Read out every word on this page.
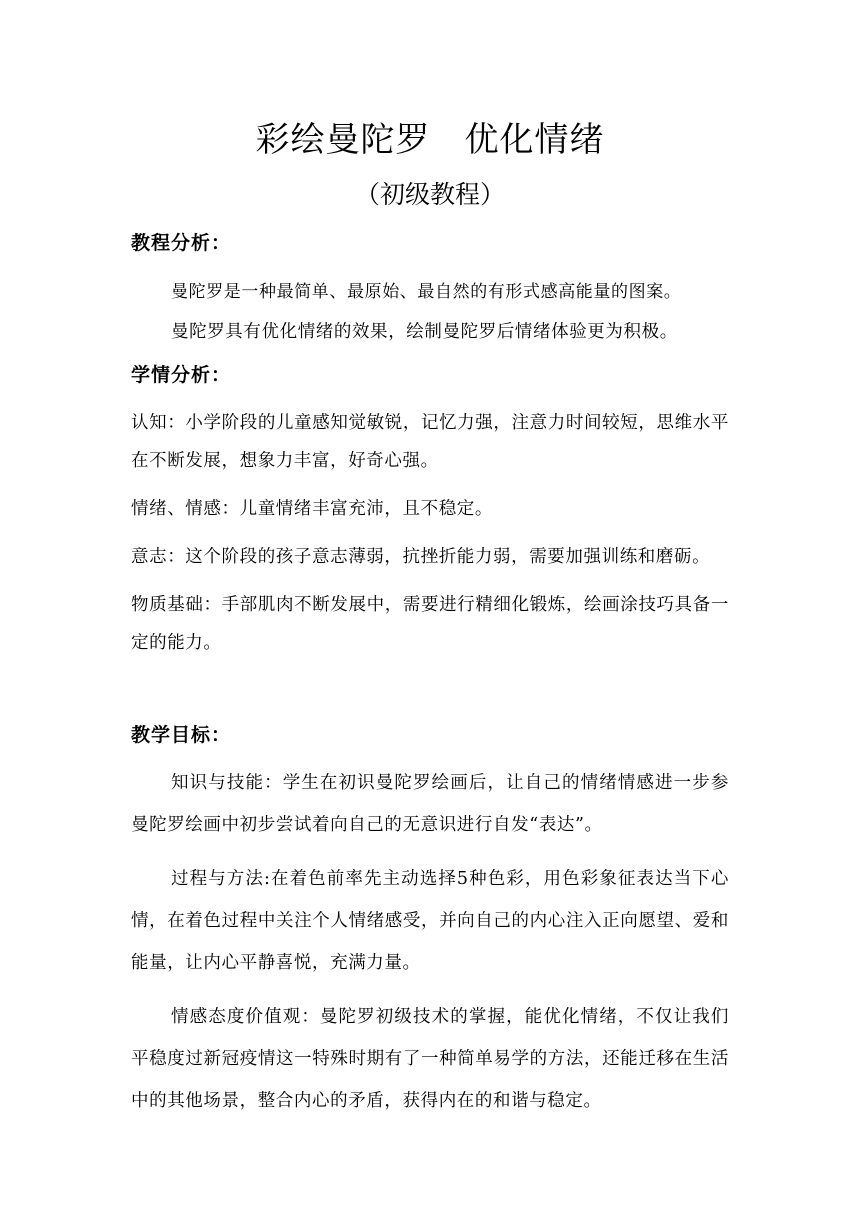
彩绘曼陀罗 优化情绪
（初级教程）
教程分析：

曼陀罗是一种最简单、最原始、最自然的有形式感高能量的图案。

曼陀罗具有优化情绪的效果，绘制曼陀罗后情绪体验更为积极。

学情分析：

认知：小学阶段的儿童感知觉敏锐，记忆力强，注意力时间较短，思维水平在不断发展，想象力丰富，好奇心强。

情绪、情感：儿童情绪丰富充沛，且不稳定。

意志：这个阶段的孩子意志薄弱，抗挫折能力弱，需要加强训练和磨砺。

物质基础：手部肌肉不断发展中，需要进行精细化锻炼，绘画涂技巧具备一定的能力。

教学目标：

知识与技能：学生在初识曼陀罗绘画后，让自己的情绪情感进一步参曼陀罗绘画中初步尝试着向自己的无意识进行自发“表达”。

过程与方法:在着色前率先主动选择5种色彩，用色彩象征表达当下心情，在着色过程中关注个人情绪感受，并向自己的内心注入正向愿望、爱和能量，让内心平静喜悦，充满力量。

情感态度价值观：曼陀罗初级技术的掌握，能优化情绪，不仅让我们平稳度过新冠疫情这一特殊时期有了一种简单易学的方法，还能迁移在生活中的其他场景，整合内心的矛盾，获得内在的和谐与稳定。
